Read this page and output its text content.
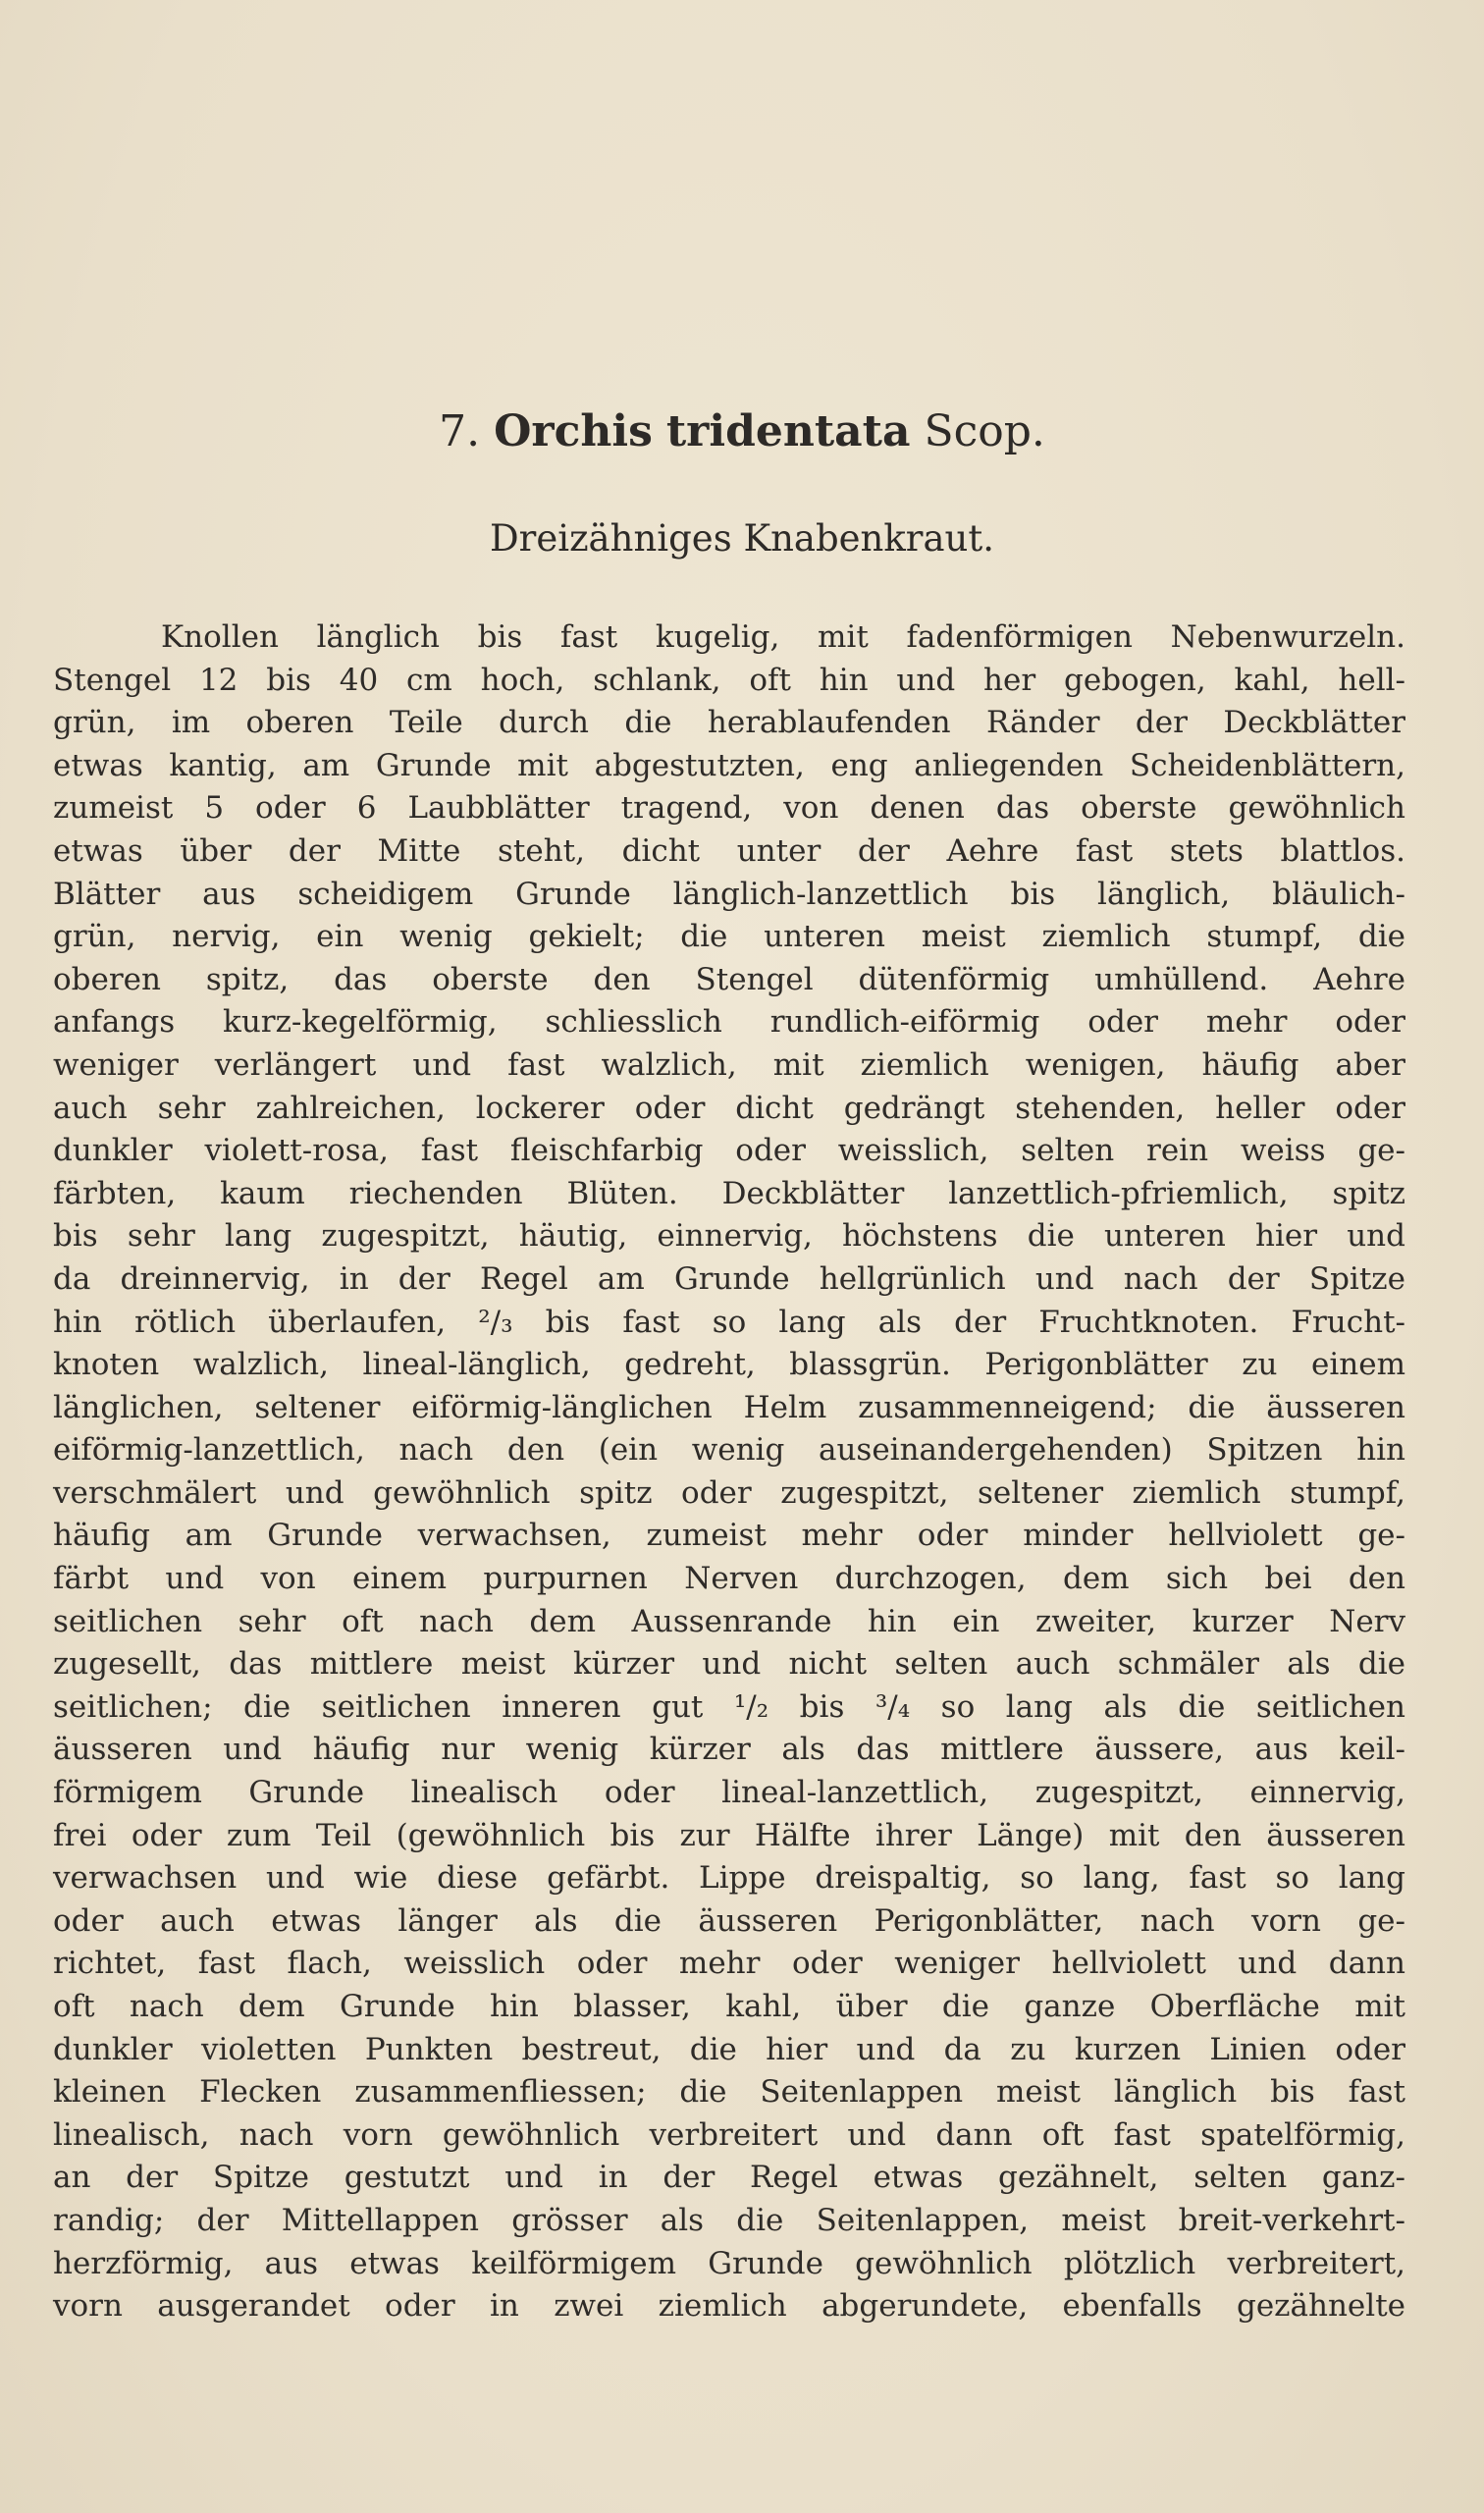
7. Orchis tridentata Scop.
Dreizähniges Knabenkraut.
Knollen länglich bis fast kugelig, mit fadenförmigen Nebenwurzeln.
Stengel 12 bis 40 cm hoch, schlank, oft hin und her gebogen, kahl, hell-
grün, im oberen Teile durch die herablaufenden Ränder der Deckblätter
etwas kantig, am Grunde mit abgestutzten, eng anliegenden Scheidenblättern,
zumeist 5 oder 6 Laubblätter tragend, von denen das oberste gewöhnlich
etwas über der Mitte steht, dicht unter der Aehre fast stets blattlos.
Blätter aus scheidigem Grunde länglich-lanzettlich bis länglich, bläulich-
grün, nervig, ein wenig gekielt; die unteren meist ziemlich stumpf, die
oberen spitz, das oberste den Stengel dütenförmig umhüllend. Aehre
anfangs kurz-kegelförmig, schliesslich rundlich-eiförmig oder mehr oder
weniger verlängert und fast walzlich, mit ziemlich wenigen, häufig aber
auch sehr zahlreichen, lockerer oder dicht gedrängt stehenden, heller oder
dunkler violett-rosa, fast fleischfarbig oder weisslich, selten rein weiss ge-
färbten, kaum riechenden Blüten. Deckblätter lanzettlich-pfriemlich, spitz
bis sehr lang zugespitzt, häutig, einnervig, höchstens die unteren hier und
da dreinnervig, in der Regel am Grunde hellgrünlich und nach der Spitze
hin rötlich überlaufen, ²/₃ bis fast so lang als der Fruchtknoten. Frucht-
knoten walzlich, lineal-länglich, gedreht, blassgrün. Perigonblätter zu einem
länglichen, seltener eiförmig-länglichen Helm zusammenneigend; die äusseren
eiförmig-lanzettlich, nach den (ein wenig auseinandergehenden) Spitzen hin
verschmälert und gewöhnlich spitz oder zugespitzt, seltener ziemlich stumpf,
häufig am Grunde verwachsen, zumeist mehr oder minder hellviolett ge-
färbt und von einem purpurnen Nerven durchzogen, dem sich bei den
seitlichen sehr oft nach dem Aussenrande hin ein zweiter, kurzer Nerv
zugesellt, das mittlere meist kürzer und nicht selten auch schmäler als die
seitlichen; die seitlichen inneren gut ¹/₂ bis ³/₄ so lang als die seitlichen
äusseren und häufig nur wenig kürzer als das mittlere äussere, aus keil-
förmigem Grunde linealisch oder lineal-lanzettlich, zugespitzt, einnervig,
frei oder zum Teil (gewöhnlich bis zur Hälfte ihrer Länge) mit den äusseren
verwachsen und wie diese gefärbt. Lippe dreispaltig, so lang, fast so lang
oder auch etwas länger als die äusseren Perigonblätter, nach vorn ge-
richtet, fast flach, weisslich oder mehr oder weniger hellviolett und dann
oft nach dem Grunde hin blasser, kahl, über die ganze Oberfläche mit
dunkler violetten Punkten bestreut, die hier und da zu kurzen Linien oder
kleinen Flecken zusammenfliessen; die Seitenlappen meist länglich bis fast
linealisch, nach vorn gewöhnlich verbreitert und dann oft fast spatelförmig,
an der Spitze gestutzt und in der Regel etwas gezähnelt, selten ganz-
randig; der Mittellappen grösser als die Seitenlappen, meist breit-verkehrt-
herzförmig, aus etwas keilförmigem Grunde gewöhnlich plötzlich verbreitert,
vorn ausgerandet oder in zwei ziemlich abgerundete, ebenfalls gezähnelte
